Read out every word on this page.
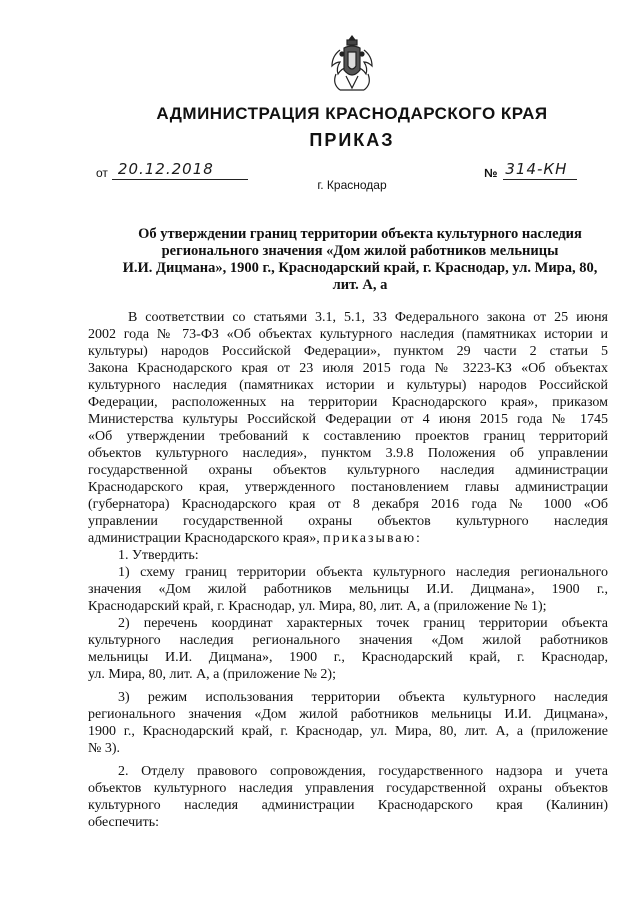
АДМИНИСТРАЦИЯ КРАСНОДАРСКОГО КРАЯ
ПРИКАЗ
от 20.12.2018	№ 314-КН
г. Краснодар
Об утверждении границ территории объекта культурного наследия
регионального значения «Дом жилой работников мельницы
И.И. Дицмана», 1900 г., Краснодарский край, г. Краснодар, ул. Мира, 80,
лит. А, а
В соответствии со статьями 3.1, 5.1, 33 Федерального закона от 25 июня
2002 года № 73-ФЗ «Об объектах культурного наследия (памятниках истории и
культуры) народов Российской Федерации», пунктом 29 части 2 статьи 5
Закона Краснодарского края от 23 июля 2015 года № 3223-КЗ «Об объектах
культурного наследия (памятниках истории и культуры) народов Российской
Федерации, расположенных на территории Краснодарского края», приказом
Министерства культуры Российской Федерации от 4 июня 2015 года № 1745
«Об утверждении требований к составлению проектов границ территорий
объектов культурного наследия», пунктом 3.9.8 Положения об управлении
государственной охраны объектов культурного наследия администрации
Краснодарского края, утвержденного постановлением главы администрации
(губернатора) Краснодарского края от 8 декабря 2016 года № 1000 «Об
управлении государственной охраны объектов культурного наследия
администрации Краснодарского края», приказываю:
1. Утвердить:
1) схему границ территории объекта культурного наследия регионального
значения «Дом жилой работников мельницы И.И. Дицмана», 1900 г.,
Краснодарский край, г. Краснодар, ул. Мира, 80, лит. А, а (приложение № 1);
2) перечень координат характерных точек границ территории объекта
культурного наследия регионального значения «Дом жилой работников
мельницы И.И. Дицмана», 1900 г., Краснодарский край, г. Краснодар,
ул. Мира, 80, лит. А, а (приложение № 2);
3) режим использования территории объекта культурного наследия
регионального значения «Дом жилой работников мельницы И.И. Дицмана»,
1900 г., Краснодарский край, г. Краснодар, ул. Мира, 80, лит. А, а (приложение
№ 3).
2. Отделу правового сопровождения, государственного надзора и учета
объектов культурного наследия управления государственной охраны объектов
культурного наследия администрации Краснодарского края (Калинин)
обеспечить:
